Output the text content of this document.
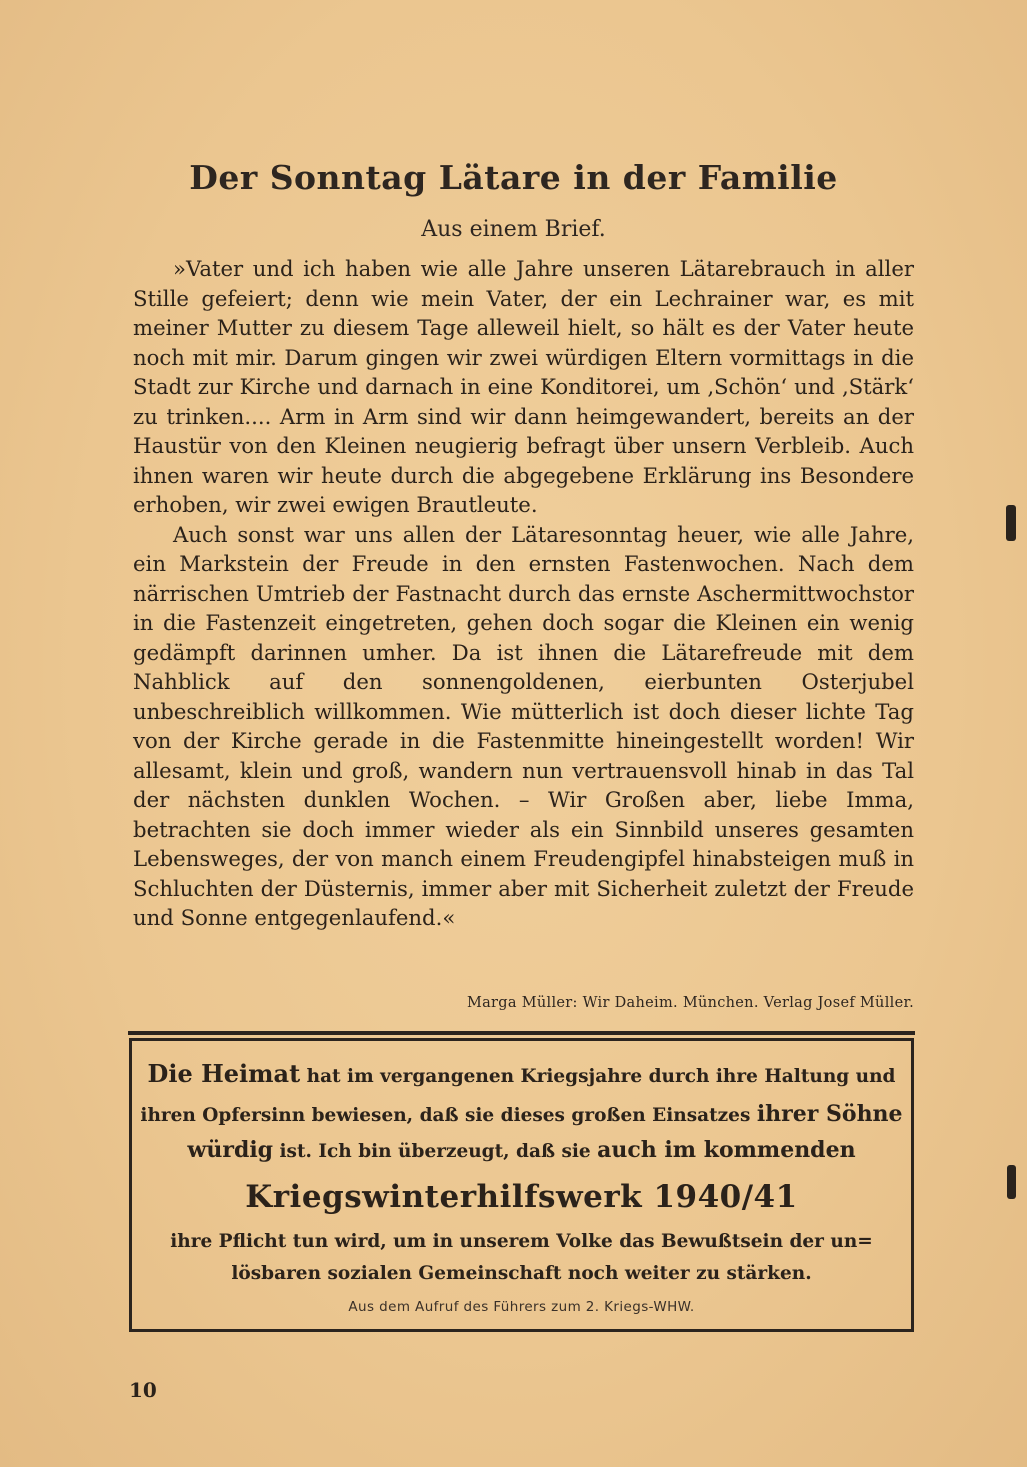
Der Sonntag Lätare in der Familie
Aus einem Brief.

»Vater und ich haben wie alle Jahre unseren Lätarebrauch in aller Stille gefeiert; denn wie mein Vater, der ein Lechrainer war, es mit meiner Mutter zu diesem Tage alleweil hielt, so hält es der Vater heute noch mit mir. Darum gingen wir zwei würdigen Eltern vormittags in die Stadt zur Kirche und darnach in eine Konditorei, um ‚Schön‘ und ‚Stärk‘ zu trinken.... Arm in Arm sind wir dann heimgewandert, bereits an der Haustür von den Kleinen neugierig befragt über unsern Verbleib. Auch ihnen waren wir heute durch die abgegebene Erklärung ins Besondere erhoben, wir zwei ewigen Brautleute.

Auch sonst war uns allen der Lätaresonntag heuer, wie alle Jahre, ein Markstein der Freude in den ernsten Fastenwochen. Nach dem närrischen Umtrieb der Fastnacht durch das ernste Aschermittwochstor in die Fastenzeit eingetreten, gehen doch sogar die Kleinen ein wenig gedämpft darinnen umher. Da ist ihnen die Lätarefreude mit dem Nahblick auf den sonnengoldenen, eierbunten Osterjubel unbeschreiblich willkommen. Wie mütterlich ist doch dieser lichte Tag von der Kirche gerade in die Fastenmitte hineingestellt worden! Wir allesamt, klein und groß, wandern nun vertrauensvoll hinab in das Tal der nächsten dunklen Wochen. – Wir Großen aber, liebe Imma, betrachten sie doch immer wieder als ein Sinnbild unseres gesamten Lebensweges, der von manch einem Freudengipfel hinabsteigen muß in Schluchten der Düsternis, immer aber mit Sicherheit zuletzt der Freude und Sonne entgegenlaufend.«

Marga Müller: Wir Daheim. München. Verlag Josef Müller.
Die Heimat hat im vergangenen Kriegsjahre durch ihre Haltung und
ihren Opfersinn bewiesen, daß sie dieses großen Einsatzes ihrer Söhne
würdig ist. Ich bin überzeugt, daß sie auch im kommenden
Kriegswinterhilfswerk 1940/41
ihre Pflicht tun wird, um in unserem Volke das Bewußtsein der un=
lösbaren sozialen Gemeinschaft noch weiter zu stärken.
Aus dem Aufruf des Führers zum 2. Kriegs-WHW.
10
